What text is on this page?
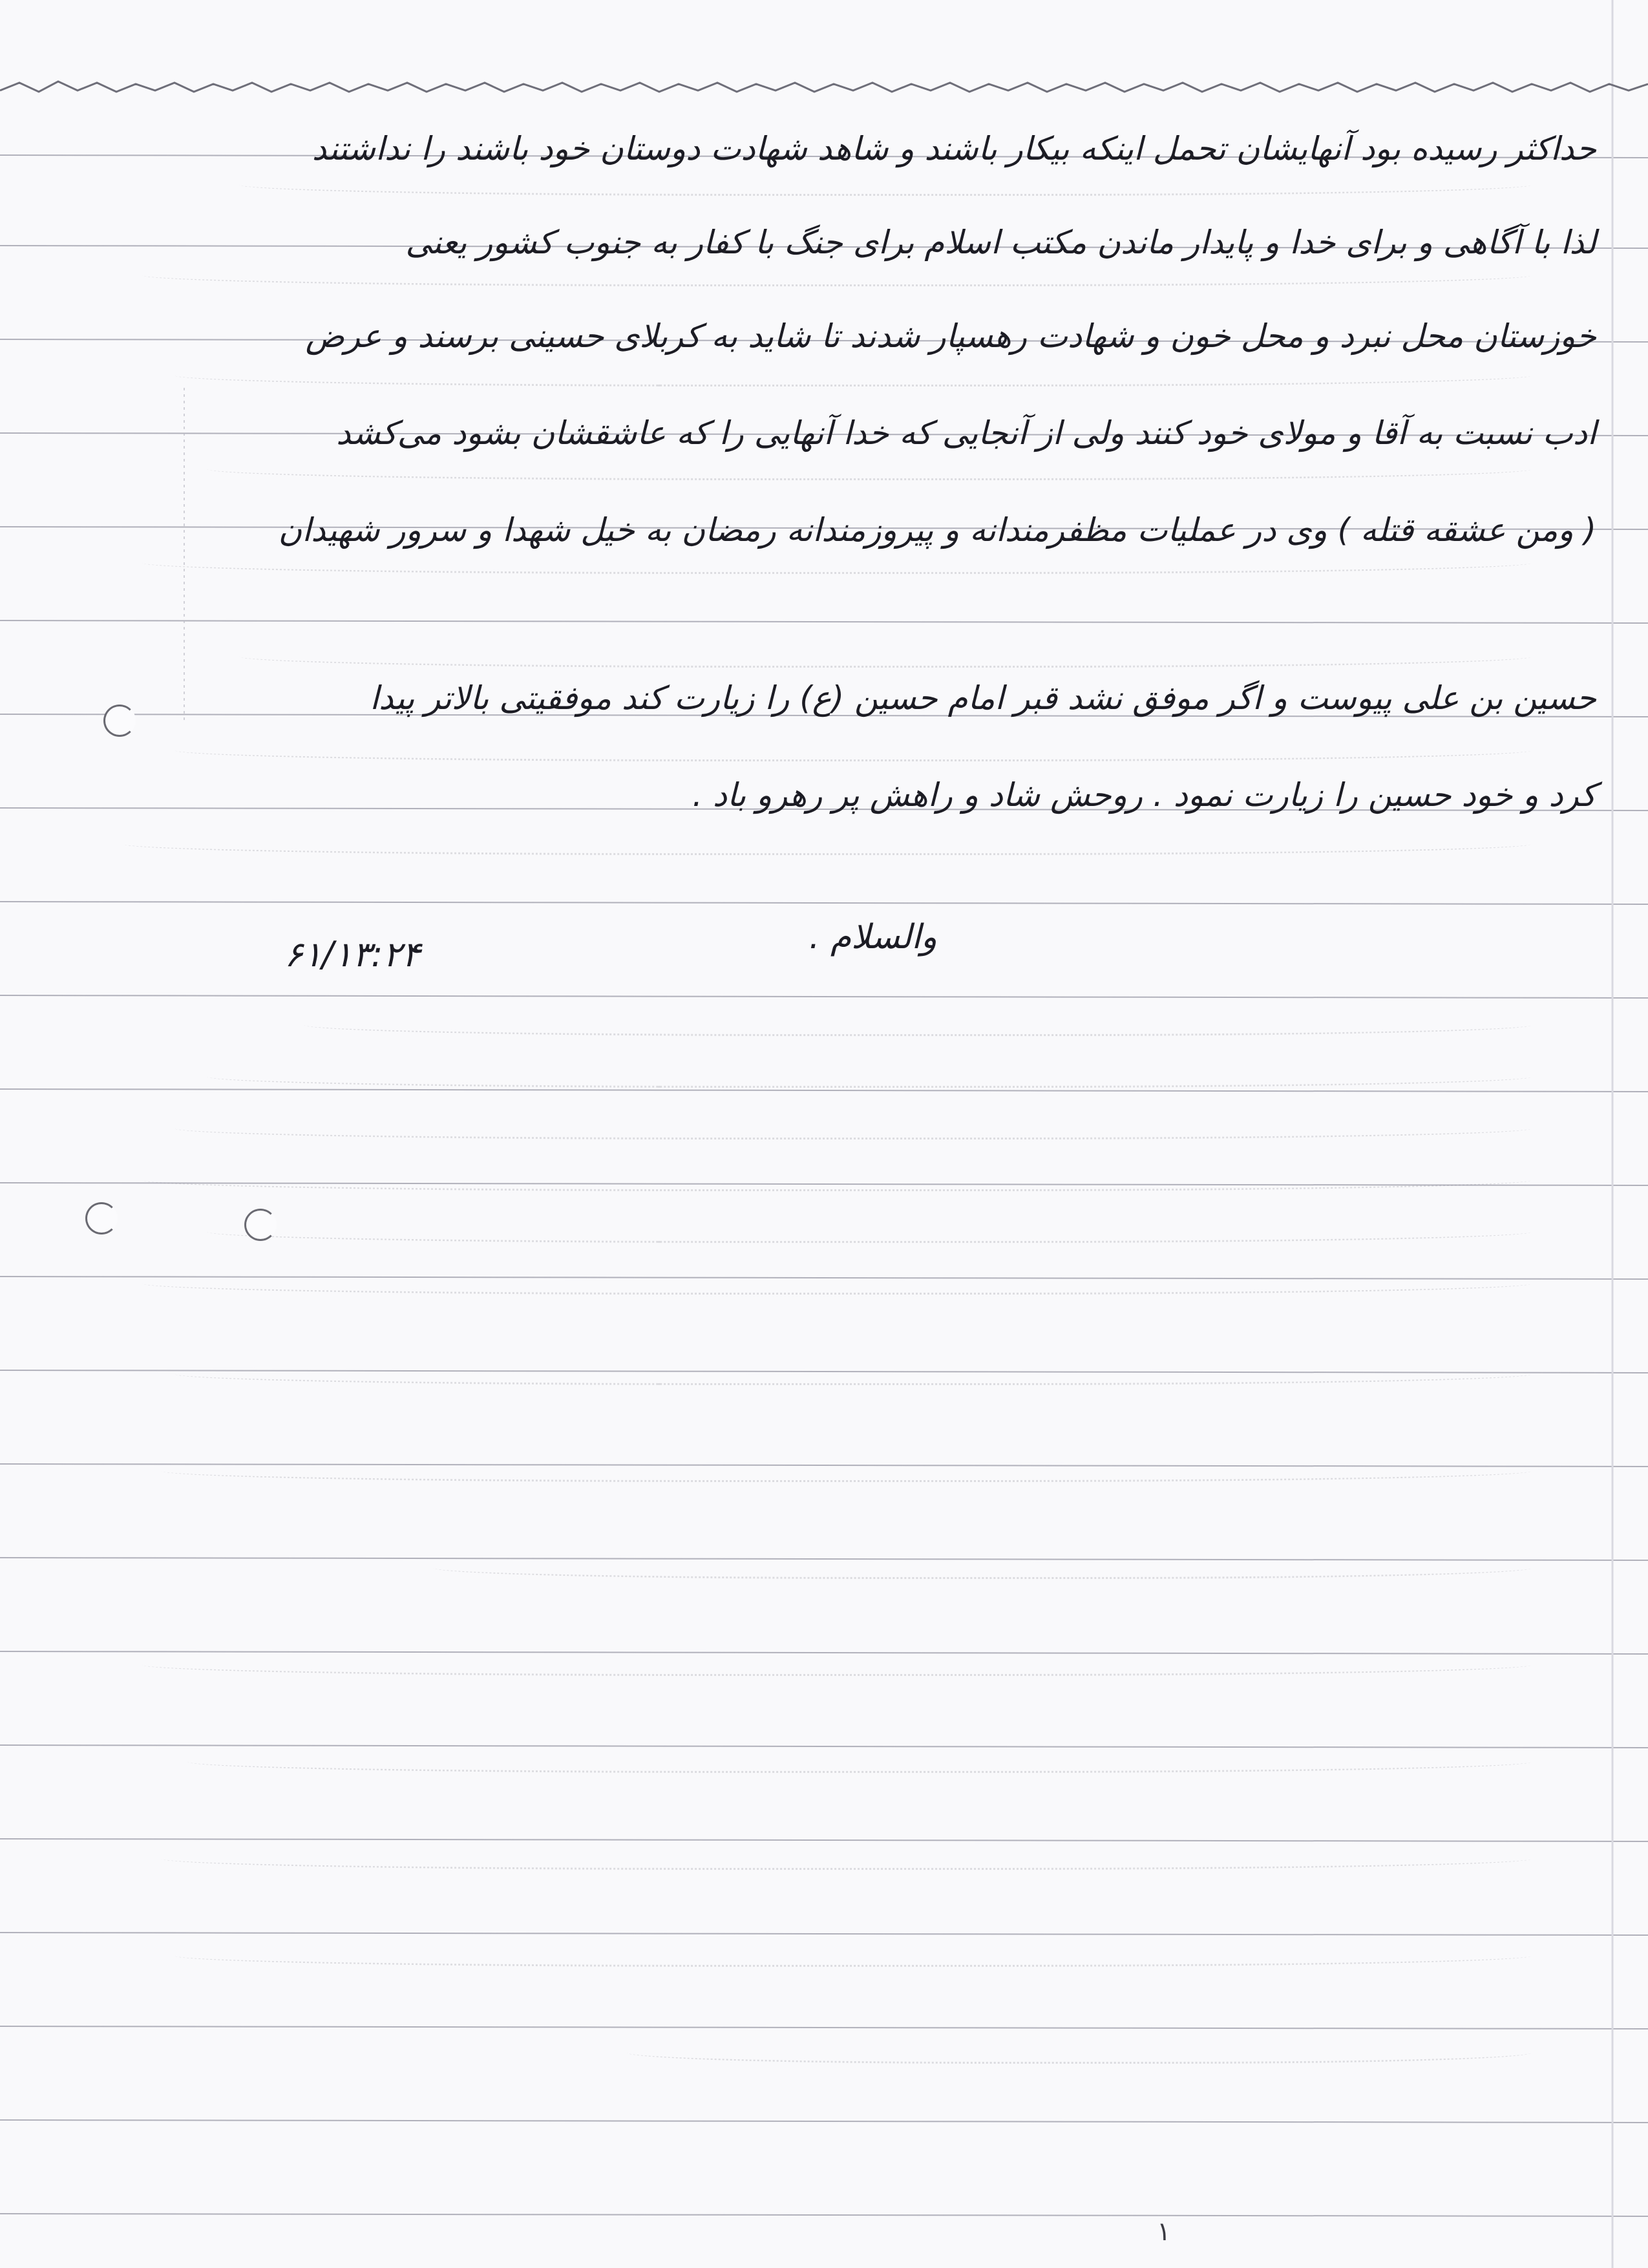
حداکثر رسیده بود آنهایشان تحمل اینکه بیکار باشند و شاهد شهادت دوستان خود باشند را نداشتند
لذا با آگاهی و برای خدا و پایدار ماندن مکتب اسلام برای جنگ با کفار به جنوب کشور یعنی
خوزستان محل نبرد و محل خون و شهادت رهسپار شدند تا شاید به کربلای حسینی برسند و عرض
ادب نسبت به آقا و مولای خود کنند ولی از آنجایی که خدا آنهایی را که عاشقشان بشود می‌کشد
( ومن عشقه قتله ) وی در عملیات مظفرمندانه و پیروزمندانه رمضان به خیل شهدا و سرور شهیدان
حسین بن علی پیوست و اگر موفق نشد قبر امام حسین (ع) را زیارت کند موفقیتی بالاتر پیدا
کرد و خود حسین را زیارت نمود . روحش شاد و راهش پر رهرو باد .
والسلام .
۶۱/۱۳:۲۴
۱
